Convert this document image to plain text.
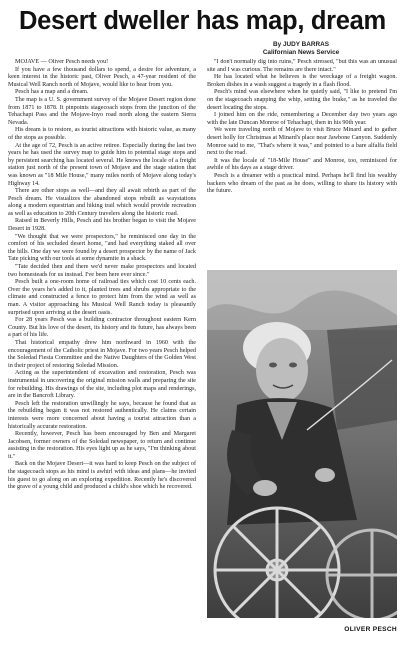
Desert dweller has map, dream
By JUDY BARRAS
Californian News Service

MOJAVE — Oliver Pesch needs you!

If you have a few thousand dollars to spend, a desire for adventure, a keen interest in the historic past, Oliver Pesch, a 47-year resident of the Musical Well Ranch north of Mojave, would like to hear from you.

Pesch has a map and a dream.

The map is a U. S. government survey of the Mojave Desert region done from 1871 to 1878. It pinpoints stagecoach stops from the junction of the Tehachapi Pass and the Mojave-Inyo road north along the eastern Sierra Nevada.

His dream is to restore, as tourist attractions with historic value, as many of the stops as possible.

At the age of 72, Pesch is an active retiree. Especially during the last two years he has used the survey map to guide him to potential stage stops and by persistent searching has located several. He knows the locale of a freight station just north of the present town of Mojave and the stage station that was known as "18 Mile House," many miles north of Mojave along today's Highway 14.

There are other stops as well—and they all await rebirth as part of the Pesch dream. He visualizes the abandoned stops rebuilt as waystations along a modern equestrian and hiking trail which would provide recreation as well as education to 20th Century travelers along the historic road.

Raised in Beverly Hills, Pesch and his brother began to visit the Mojave Desert in 1928.

"We thought that we were prospectors," he reminisced one day in the comfort of his secluded desert home, "and had everything staked all over the hills. One day we were found by a desert prospector by the name of Jack Tate picking with our tools at some dynamite in a shack.

"Tate decided then and there we'd never make prospectors and located two homesteads for us instead. I've been here ever since."

Pesch built a one-room home of railroad ties which cost 10 cents each. Over the years he's added to it, planted trees and shrubs appropriate to the climate and constructed a fence to protect him from the wind as well as man. A visitor approaching his Musical Well Ranch today is pleasantly surprised upon arriving at the desert oasis.

For 28 years Pesch was a building contractor throughout eastern Kern County. But his love of the desert, its history and its future, has always been a part of his life.

That historical empathy drew him northward in 1960 with the encouragement of the Catholic priest in Mojave. For two years Pesch helped the Soledad Fiesta Committee and the Native Daughters of the Golden West in their project of restoring Soledad Mission.

Acting as the superintendent of excavation and restoration, Pesch was instrumental in uncovering the original mission walls and preparing the site for rebuilding. His drawings of the site, including plot maps and renderings, are in the Bancroft Library.

Pesch left the restoration unwillingly he says, because he found that as the rebuilding began it was not restored authentically. He claims certain interests were more concerned about having a tourist attraction than a historically accurate restoration.

Recently, however, Pesch has been encouraged by Ben and Margaret Jacobsen, former owners of the Soledad newspaper, to return and continue assisting in the restoration. His eyes light up as he says, "I'm thinking about it."

Back on the Mojave Desert—it was hard to keep Pesch on the subject of the stagecoach stops as his mind is awhirl with ideas and plans—he invited his guest to go along on an exploring expedition. Recently he's discovered the grave of a young child and produced a child's shoe which he recovered.

"I don't normally dig into ruins," Pesch stressed, "but this was an unusual site and I was curious. The remains are there intact."

He has located what he believes is the wreckage of a freight wagon. Broken dishes in a wash suggest a tragedy in a flash flood.

Pesch's mind was elsewhere when he quietly said, "I like to pretend I'm on the stagecoach snapping the whip, setting the brake," as he traveled the desert locating the stops.

I joined him on the ride, remembering a December day two years ago with the late Duncan Monroe of Tehachapi, then in his 90th year.

We were traveling north of Mojave to visit Bruce Minard and to gather desert holly for Christmas at Minard's place near Jawbone Canyon. Suddenly Monroe said to me, "That's where it was," and pointed to a bare alfalfa field next to the road.

It was the locale of "18-Mile House" and Monroe, too, reminisced for awhile of his days as a stage driver.

Pesch is a dreamer with a practical mind. Perhaps he'll find his wealthy backers who dream of the past as he does, willing to share its history with the future.

OLIVER PESCH
